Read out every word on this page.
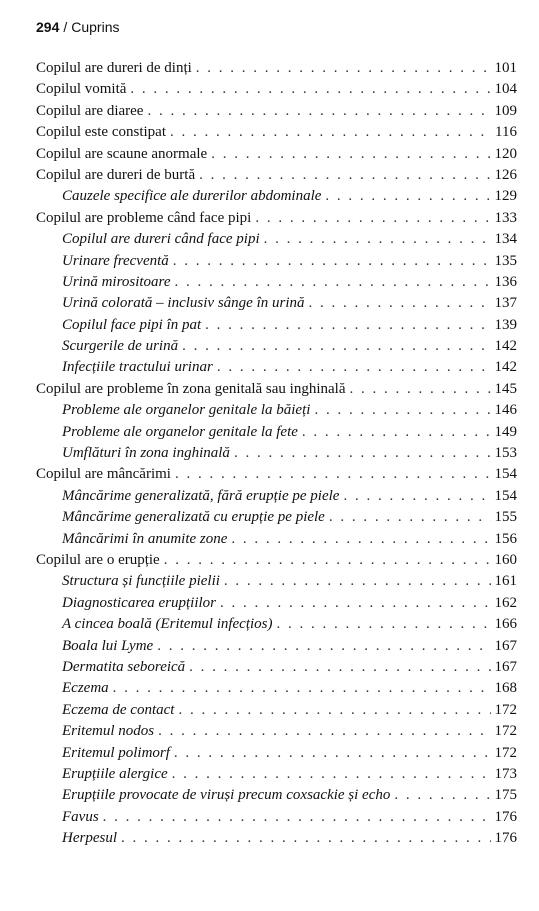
294 / Cuprins
Copilul are dureri de dinți . . .	101
Copilul vomită . . .	104
Copilul are diaree . . .	109
Copilul este constipat . . .	116
Copilul are scaune anormale . . .	120
Copilul are dureri de burtă . . .	126
Cauzele specifice ale durerilor abdominale . . .	129
Copilul are probleme când face pipi . . .	133
Copilul are dureri când face pipi . . .	134
Urinare frecventă . . .	135
Urină mirositoare . . .	136
Urină colorată – inclusiv sânge în urină . . .	137
Copilul face pipi în pat . . .	139
Scurgerile de urină . . .	142
Infecțiile tractului urinar . . .	142
Copilul are probleme în zona genitală sau inghinală . . .	145
Probleme ale organelor genitale la băieți . . .	146
Probleme ale organelor genitale la fete . . .	149
Umflături în zona inghinală . . .	153
Copilul are mâncărimi . . .	154
Mâncărime generalizată, fără erupție pe piele . . .	154
Mâncărime generalizată cu erupție pe piele . . .	155
Mâncărimi în anumite zone . . .	156
Copilul are o erupție . . .	160
Structura și funcțiile pielii . . .	161
Diagnosticarea erupțiilor . . .	162
A cincea boală (Eritemul infecțios) . . .	166
Boala lui Lyme . . .	167
Dermatita seboreică . . .	167
Eczema . . .	168
Eczema de contact . . .	172
Eritemul nodos . . .	172
Eritemul polimorf . . .	172
Erupțiile alergice . . .	173
Erupțiile provocate de viruși precum coxsackie și echo . . .	175
Favus . . .	176
Herpesul . . .	176
